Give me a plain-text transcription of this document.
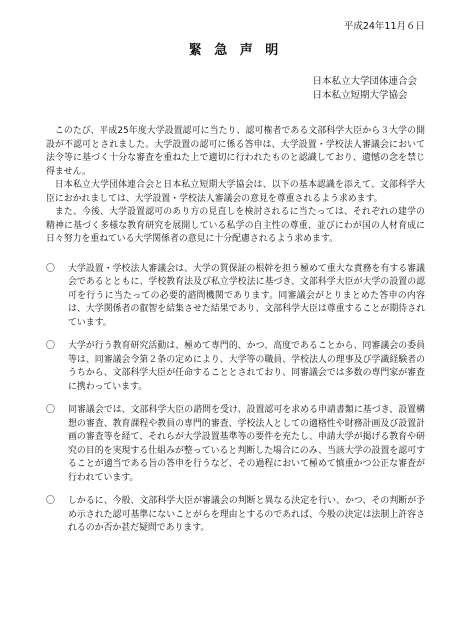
平成24年11月６日
緊 急 声 明
日本私立大学団体連合会
日本私立短期大学協会

このたび、平成25年度大学設置認可に当たり、認可権者である文部科学大臣から３大学の開設が不認可とされました。大学設置の認可に係る答申は、大学設置・学校法人審議会において法令等に基づく十分な審査を重ねた上で適切に行われたものと認識しており、遺憾の念を禁じ得ません。

日本私立大学団体連合会と日本私立短期大学協会は、以下の基本認識を添えて、文部科学大臣におかれましては、大学設置・学校法人審議会の意見を尊重されるよう求めます。

また、今後、大学設置認可のあり方の見直しを検討されるに当たっては、それぞれの建学の精神に基づく多様な教育研究を展開している私学の自主性の尊重、並びにわが国の人材育成に日々努力を重ねている大学関係者の意見に十分配慮されるよう求めます。

〇	大学設置・学校法人審議会は、大学の質保証の根幹を担う極めて重大な責務を有する審議会であるとともに、学校教育法及び私立学校法に基づき、文部科学大臣が大学の設置の認可を行うに当たっての必要的諮問機関であります。同審議会がとりまとめた答申の内容は、大学関係者の叡智を結集させた結果であり、文部科学大臣は尊重することが期待されています。
〇	大学が行う教育研究活動は、極めて専門的、かつ、高度であることから、同審議会の委員等は、同審議会令第２条の定めにより、大学等の職員、学校法人の理事及び学識経験者のうちから、文部科学大臣が任命することとされており、同審議会では多数の専門家が審査に携わっています。
〇	同審議会では、文部科学大臣の諮問を受け、設置認可を求める申請書類に基づき、設置構想の審査、教育課程や教員の専門的審査、学校法人としての適格性や財務計画及び設置計画の審査等を経て、それらが大学設置基準等の要件を充たし、申請大学が掲げる教育や研究の目的を実現する仕組みが整っていると判断した場合にのみ、当該大学の設置を認可することが適当である旨の答申を行うなど、その過程において極めて慎重かつ公正な審査が行われています。
〇	しかるに、今般、文部科学大臣が審議会の判断と異なる決定を行い、かつ、その判断が予め示された認可基準にないことがらを理由とするのであれば、今般の決定は法制上許容されるのか否か甚だ疑問であります。
